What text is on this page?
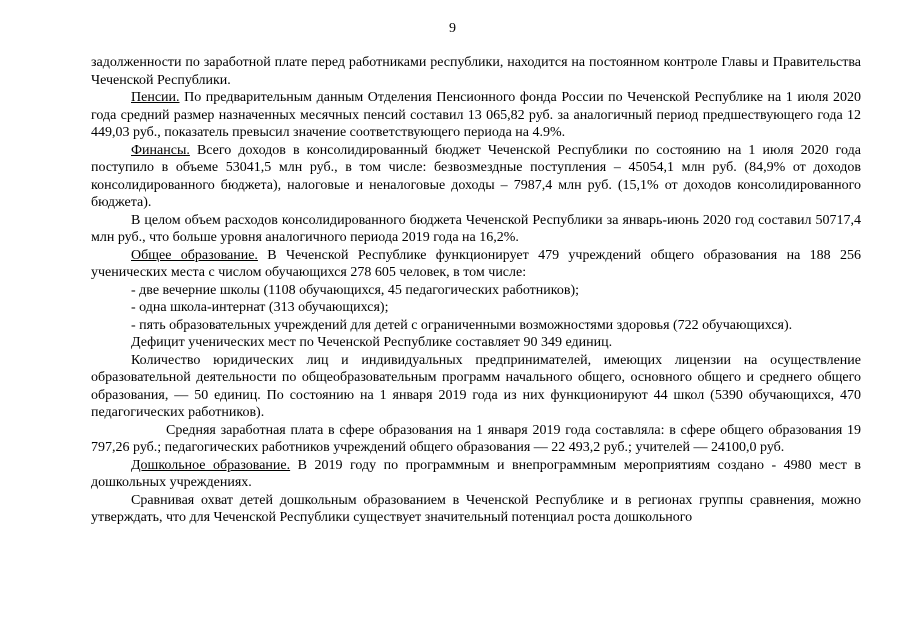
9

задолженности по заработной плате перед работниками республики, находится на постоянном контроле Главы и Правительства Чеченской Республики.

Пенсии. По предварительным данным Отделения Пенсионного фонда России по Чеченской Республике на 1 июля 2020 года средний размер назначенных месячных пенсий составил 13 065,82 руб. за аналогичный период предшествующего года 12 449,03 руб., показатель превысил значение соответствующего периода на 4.9%.

Финансы. Всего доходов в консолидированный бюджет Чеченской Республики по состоянию на 1 июля 2020 года поступило в объеме 53041,5 млн руб., в том числе: безвозмездные поступления – 45054,1 млн руб. (84,9% от доходов консолидированного бюджета), налоговые и неналоговые доходы – 7987,4 млн руб. (15,1% от доходов консолидированного бюджета).

В целом объем расходов консолидированного бюджета Чеченской Республики за январь-июнь 2020 год составил 50717,4 млн руб., что больше уровня аналогичного периода 2019 года на 16,2%.

Общее образование. В Чеченской Республике функционирует 479 учреждений общего образования на 188 256 ученических места с числом обучающихся 278 605 человек, в том числе:

- две вечерние школы (1108 обучающихся, 45 педагогических работников);

- одна школа-интернат (313 обучающихся);

- пять образовательных учреждений для детей с ограниченными возможностями здоровья (722 обучающихся).

Дефицит ученических мест по Чеченской Республике составляет 90 349 единиц.

Количество юридических лиц и индивидуальных предпринимателей, имеющих лицензии на осуществление образовательной деятельности по общеобразовательным программ начального общего, основного общего и среднего общего образования, — 50 единиц. По состоянию на 1 января 2019 года из них функционируют 44 школ (5390 обучающихся, 470 педагогических работников).

Средняя заработная плата в сфере образования на 1 января 2019 года составляла: в сфере общего образования 19 797,26 руб.; педагогических работников учреждений общего образования — 22 493,2 руб.; учителей — 24100,0 руб.

Дошкольное образование. В 2019 году по программным и внепрограммным мероприятиям создано - 4980 мест в дошкольных учреждениях.

Сравнивая охват детей дошкольным образованием в Чеченской Республике и в регионах группы сравнения, можно утверждать, что для Чеченской Республики существует значительный потенциал роста дошкольного
